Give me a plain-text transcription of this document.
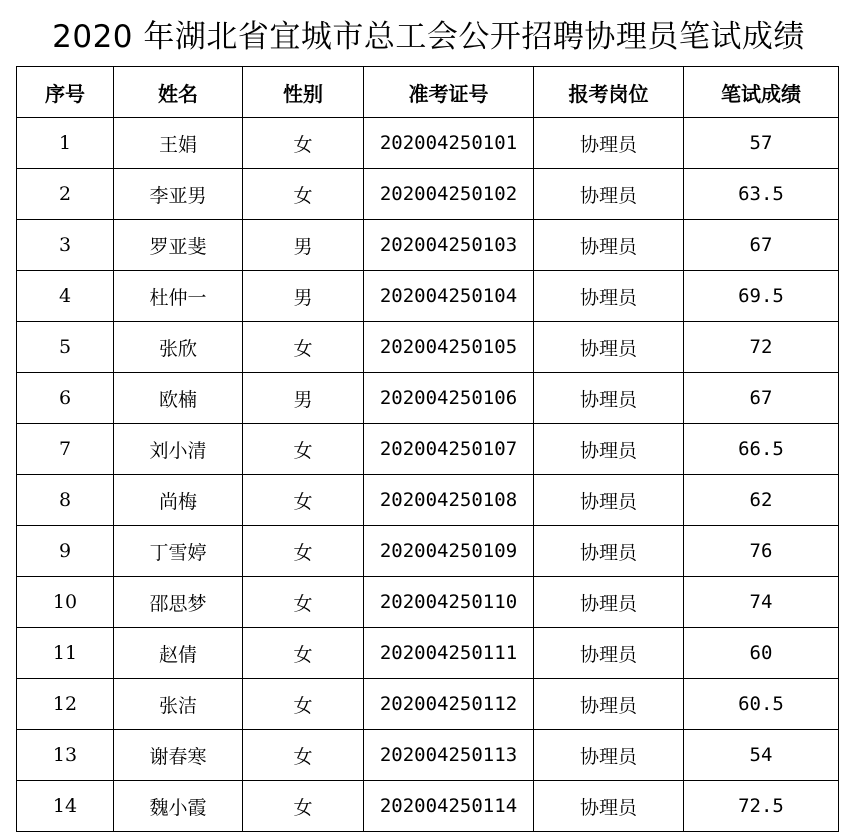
2020 年湖北省宜城市总工会公开招聘协理员笔试成绩
序号	姓名	性别	准考证号	报考岗位	笔试成绩
1	王娟	女	202004250101	协理员	57
2	李亚男	女	202004250102	协理员	63.5
3	罗亚斐	男	202004250103	协理员	67
4	杜仲一	男	202004250104	协理员	69.5
5	张欣	女	202004250105	协理员	72
6	欧楠	男	202004250106	协理员	67
7	刘小清	女	202004250107	协理员	66.5
8	尚梅	女	202004250108	协理员	62
9	丁雪婷	女	202004250109	协理员	76
10	邵思梦	女	202004250110	协理员	74
11	赵倩	女	202004250111	协理员	60
12	张洁	女	202004250112	协理员	60.5
13	谢春寒	女	202004250113	协理员	54
14	魏小霞	女	202004250114	协理员	72.5
